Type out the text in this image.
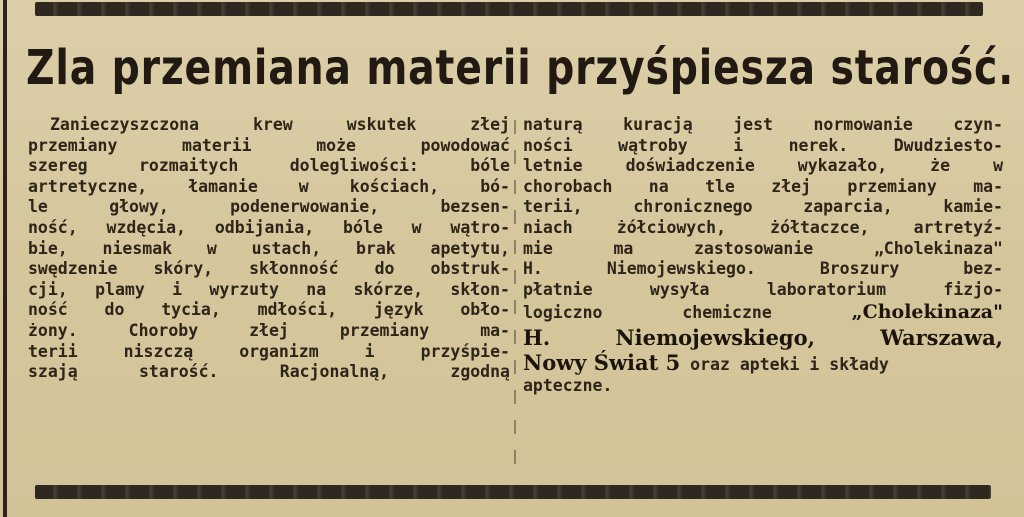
Zla przemiana materii przyśpiesza starość.
Zanieczyszczona krew wskutek złej
przemiany materii może powodować
szereg rozmaitych dolegliwości: bóle
artretyczne, łamanie w kościach, bó-
le głowy, podenerwowanie, bezsen-
ność, wzdęcia, odbijania, bóle w wątro-
bie, niesmak w ustach, brak apetytu,
swędzenie skóry, skłonność do obstruk-
cji, plamy i wyrzuty na skórze, skłon-
ność do tycia, mdłości, język obło-
żony. Choroby złej przemiany ma-
terii niszczą organizm i przyśpie-
szają starość. Racjonalną, zgodną
naturą kuracją jest normowanie czyn-
ności wątroby i nerek. Dwudziesto-
letnie doświadczenie wykazało, że w
chorobach na tle złej przemiany ma-
terii, chronicznego zaparcia, kamie-
niach żółciowych, żółtaczce, artretyź-
mie ma zastosowanie „Cholekinaza"
H. Niemojewskiego. Broszury bez-
płatnie wysyła laboratorium fizjo-
logiczno chemiczne	„Cholekinaza"
H. Niemojewskiego, Warszawa,
Nowy Świat 5 oraz apteki i składy
apteczne.
